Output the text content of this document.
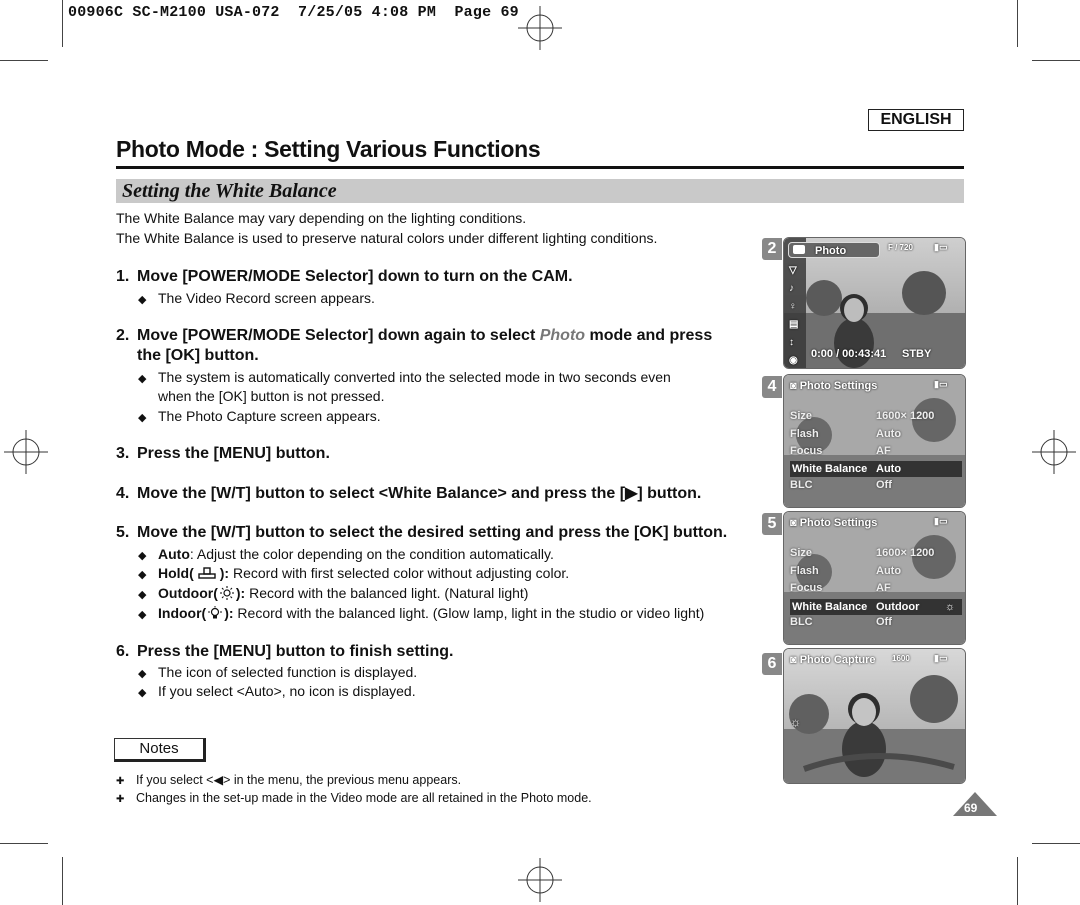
00906C SC-M2100 USA-072  7/25/05 4:08 PM  Page 69
ENGLISH
Photo Mode : Setting Various Functions
Setting the White Balance
The White Balance may vary depending on the lighting conditions.
The White Balance is used to preserve natural colors under different lighting conditions.
1. Move [POWER/MODE Selector] down to turn on the CAM.
◆ The Video Record screen appears.
2. Move [POWER/MODE Selector] down again to select Photo mode and press
the [OK] button.
◆ The system is automatically converted into the selected mode in two seconds even
when the [OK] button is not pressed.
◆ The Photo Capture screen appears.
3. Press the [MENU] button.
4. Move the [W/T] button to select <White Balance> and press the [▶] button.
5. Move the [W/T] button to select the desired setting and press the [OK] button.
◆ Auto: Adjust the color depending on the condition automatically.
◆ Hold( ): Record with first selected color without adjusting color.
◆ Outdoor( ): Record with the balanced light. (Natural light)
◆ Indoor( ): Record with the balanced light. (Glow lamp, light in the studio or video light)
6. Press the [MENU] button to finish setting.
◆ The icon of selected function is displayed.
◆ If you select <Auto>, no icon is displayed.
Notes
✚ If you select <◀> in the menu, the previous menu appears.
✚ Changes in the set-up made in the Video mode are all retained in the Photo mode.
2	Photo	F / 720 ▮▭
▽
♪
♀
▤
↕
◉
0:00 / 00:43:41 STBY
4	◙ Photo Settings	▮▭
Size	1600× 1200
Flash	Auto
Focus	AF
White Balance Auto
BLC	Off
5	◙ Photo Settings	▮▭
Size	1600× 1200
Flash	Auto
Focus	AF
White Balance Outdoor ☼
BLC	Off
6	◙ Photo Capture 1600	▮▭
☼
69
